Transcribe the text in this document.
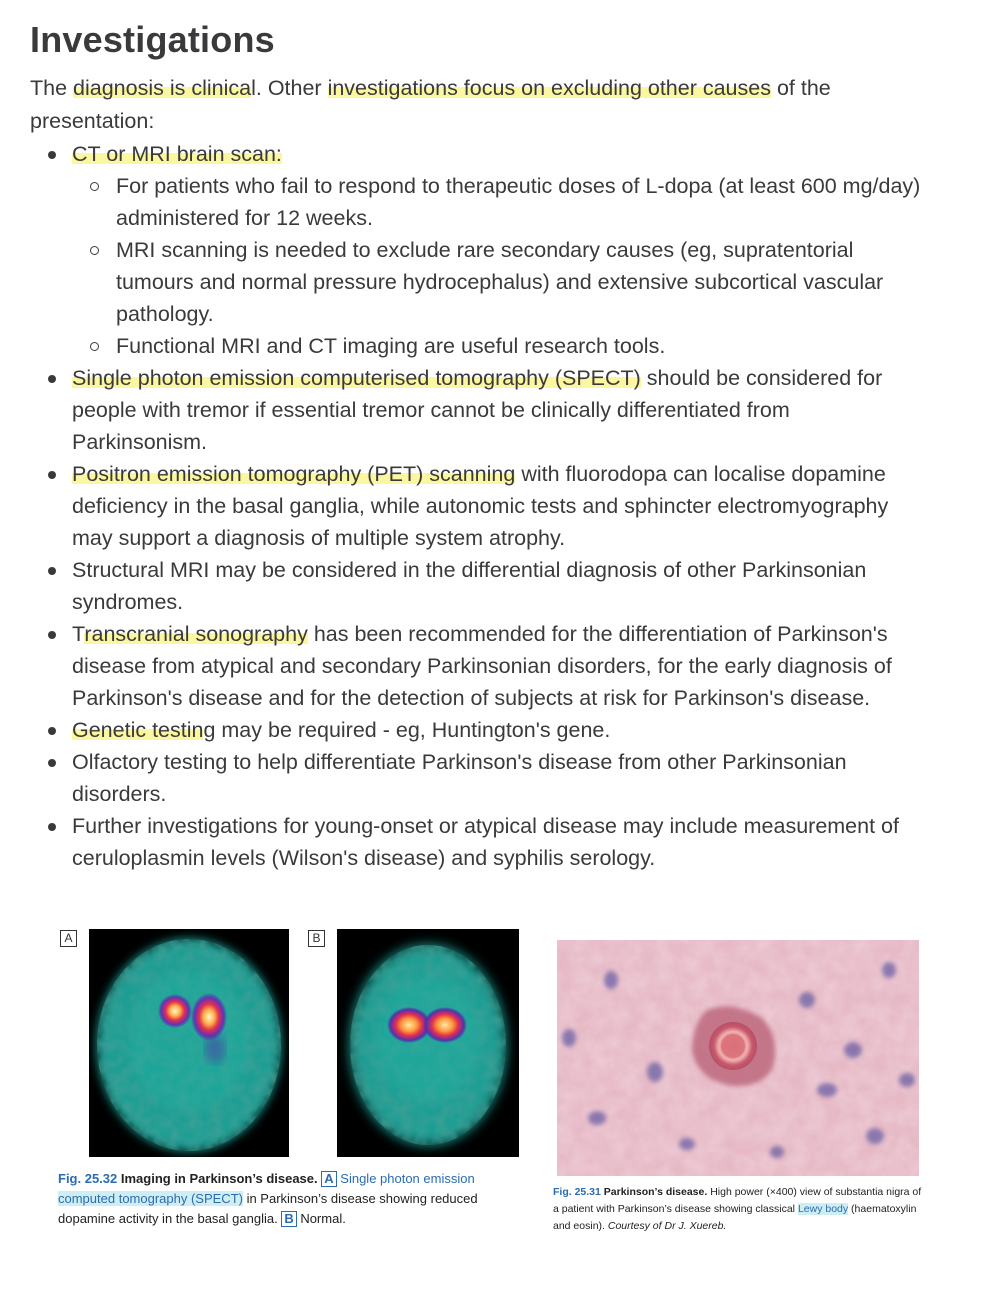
Investigations

The diagnosis is clinical. Other investigations focus on excluding other causes of the presentation:

CT or MRI brain scan:
For patients who fail to respond to therapeutic doses of L-dopa (at least 600 mg/day) administered for 12 weeks.
MRI scanning is needed to exclude rare secondary causes (eg, supratentorial tumours and normal pressure hydrocephalus) and extensive subcortical vascular pathology.
Functional MRI and CT imaging are useful research tools.
Single photon emission computerised tomography (SPECT) should be considered for people with tremor if essential tremor cannot be clinically differentiated from Parkinsonism.
Positron emission tomography (PET) scanning with fluorodopa can localise dopamine deficiency in the basal ganglia, while autonomic tests and sphincter electromyography may support a diagnosis of multiple system atrophy.
Structural MRI may be considered in the differential diagnosis of other Parkinsonian syndromes.
Transcranial sonography has been recommended for the differentiation of Parkinson's disease from atypical and secondary Parkinsonian disorders, for the early diagnosis of Parkinson's disease and for the detection of subjects at risk for Parkinson's disease.
Genetic testing may be required - eg, Huntington's gene.
Olfactory testing to help differentiate Parkinson's disease from other Parkinsonian disorders.
Further investigations for young-onset or atypical disease may include measurement of ceruloplasmin levels (Wilson's disease) and syphilis serology.
A	B
Fig. 25.32 Imaging in Parkinson’s disease. A Single photon emission computed tomography (SPECT) in Parkinson’s disease showing reduced dopamine activity in the basal ganglia. B Normal.
Fig. 25.31 Parkinson’s disease. High power (×400) view of substantia nigra of a patient with Parkinson’s disease showing classical Lewy body (haematoxylin and eosin). Courtesy of Dr J. Xuereb.
